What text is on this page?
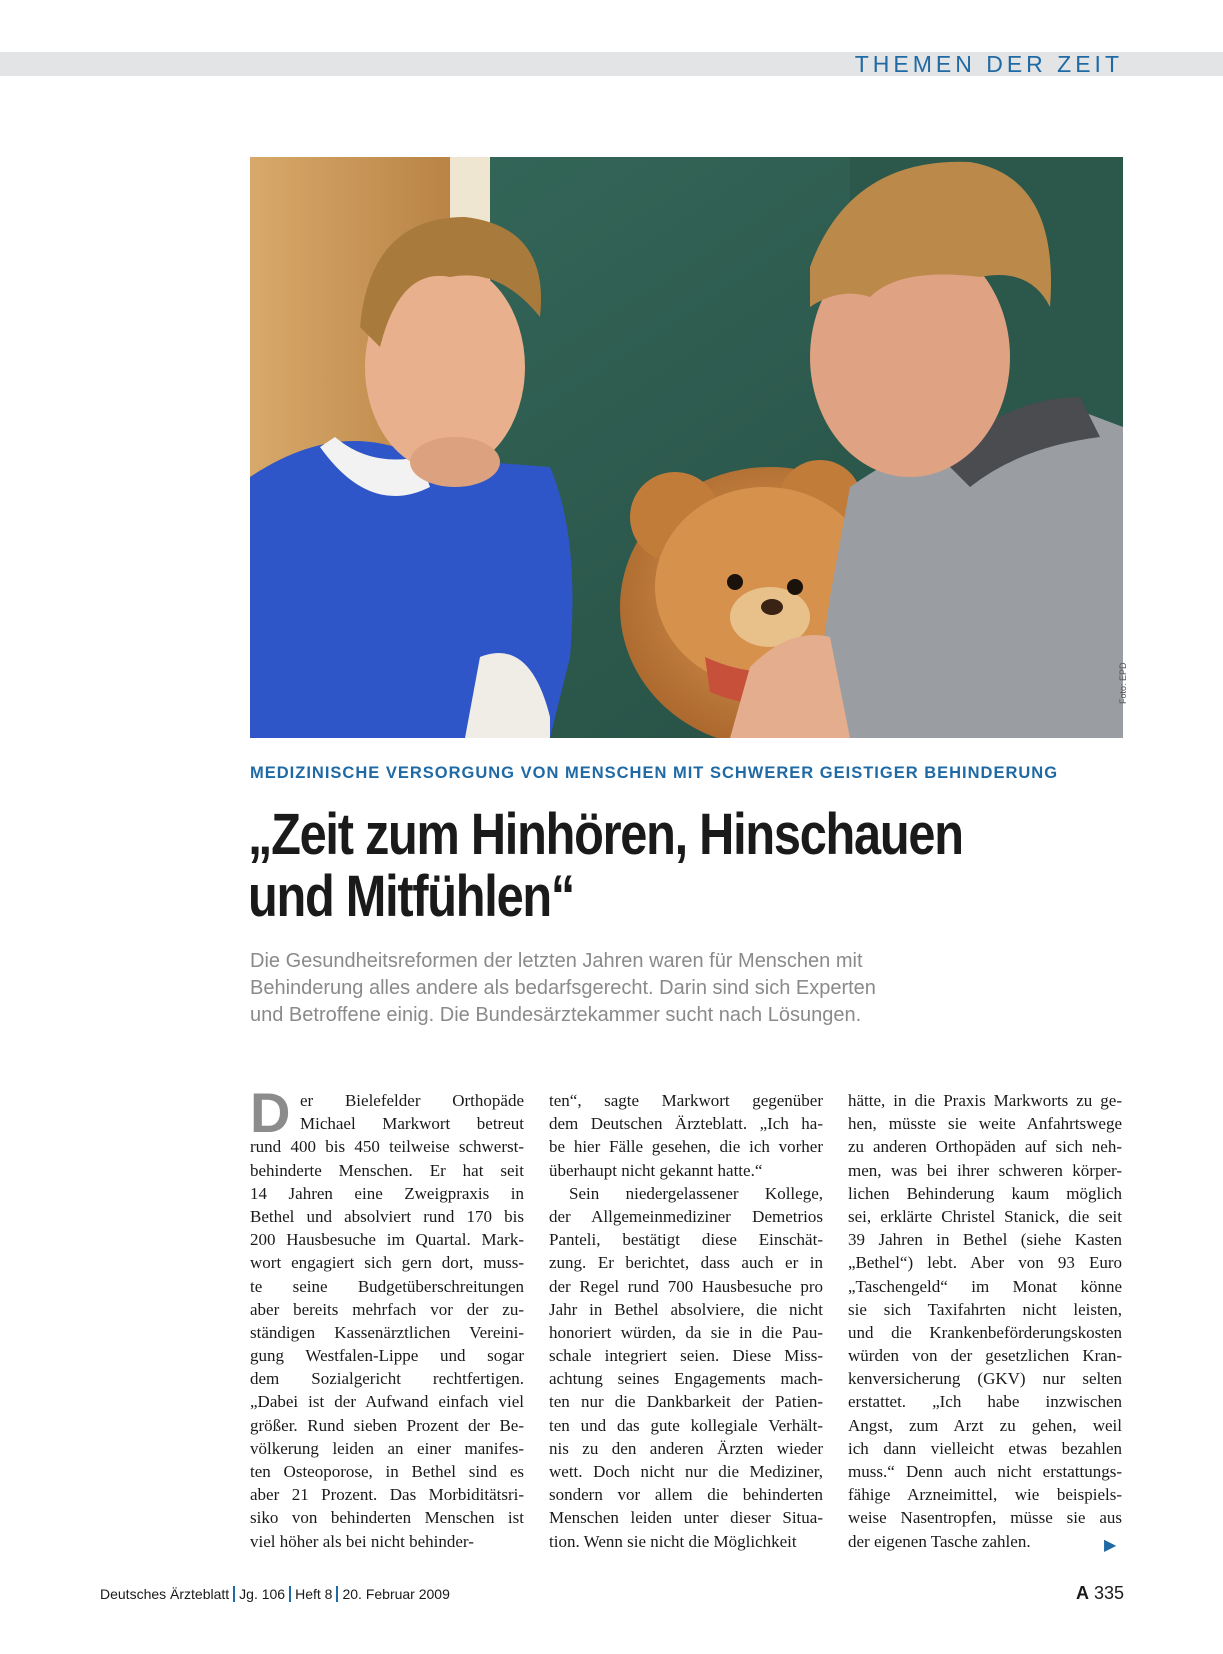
THEMEN DER ZEIT
Foto: EPD
MEDIZINISCHE VERSORGUNG VON MENSCHEN MIT SCHWERER GEISTIGER BEHINDERUNG
„Zeit zum Hinhören, Hinschauen
und Mitfühlen“
Die Gesundheitsreformen der letzten Jahren waren für Menschen mit
Behinderung alles andere als bedarfsgerecht. Darin sind sich Experten
und Betroffene einig. Die Bundesärztekammer sucht nach Lösungen.
D er Bielefelder Orthopäde
Michael Markwort betreut
rund 400 bis 450 teilweise schwerst-
behinderte Menschen. Er hat seit
14 Jahren eine Zweigpraxis in
Bethel und absolviert rund 170 bis
200 Hausbesuche im Quartal. Mark-
wort engagiert sich gern dort, muss-
te seine Budgetüberschreitungen
aber bereits mehrfach vor der zu-
ständigen Kassenärztlichen Vereini-
gung Westfalen-Lippe und sogar
dem Sozialgericht rechtfertigen.
„Dabei ist der Aufwand einfach viel
größer. Rund sieben Prozent der Be-
völkerung leiden an einer manifes-
ten Osteoporose, in Bethel sind es
aber 21 Prozent. Das Morbiditätsri-
siko von behinderten Menschen ist
viel höher als bei nicht behinder-
ten“, sagte Markwort gegenüber
dem Deutschen Ärzteblatt. „Ich ha-
be hier Fälle gesehen, die ich vorher
überhaupt nicht gekannt hatte.“
Sein niedergelassener Kollege,
der Allgemeinmediziner Demetrios
Panteli, bestätigt diese Einschät-
zung. Er berichtet, dass auch er in
der Regel rund 700 Hausbesuche pro
Jahr in Bethel absolviere, die nicht
honoriert würden, da sie in die Pau-
schale integriert seien. Diese Miss-
achtung seines Engagements mach-
ten nur die Dankbarkeit der Patien-
ten und das gute kollegiale Verhält-
nis zu den anderen Ärzten wieder
wett. Doch nicht nur die Mediziner,
sondern vor allem die behinderten
Menschen leiden unter dieser Situa-
tion. Wenn sie nicht die Möglichkeit
hätte, in die Praxis Markworts zu ge-
hen, müsste sie weite Anfahrtswege
zu anderen Orthopäden auf sich neh-
men, was bei ihrer schweren körper-
lichen Behinderung kaum möglich
sei, erklärte Christel Stanick, die seit
39 Jahren in Bethel (siehe Kasten
„Bethel“) lebt. Aber von 93 Euro
„Taschengeld“ im Monat könne
sie sich Taxifahrten nicht leisten,
und die Krankenbeförderungskosten
würden von der gesetzlichen Kran-
kenversicherung (GKV) nur selten
erstattet. „Ich habe inzwischen
Angst, zum Arzt zu gehen, weil
ich dann vielleicht etwas bezahlen
muss.“ Denn auch nicht erstattungs-
fähige Arzneimittel, wie beispiels-
weise Nasentropfen, müsse sie aus
der eigenen Tasche zahlen.	▶
Deutsches Ärzteblatt Jg. 106 Heft 8 20. Februar 2009	A 335
